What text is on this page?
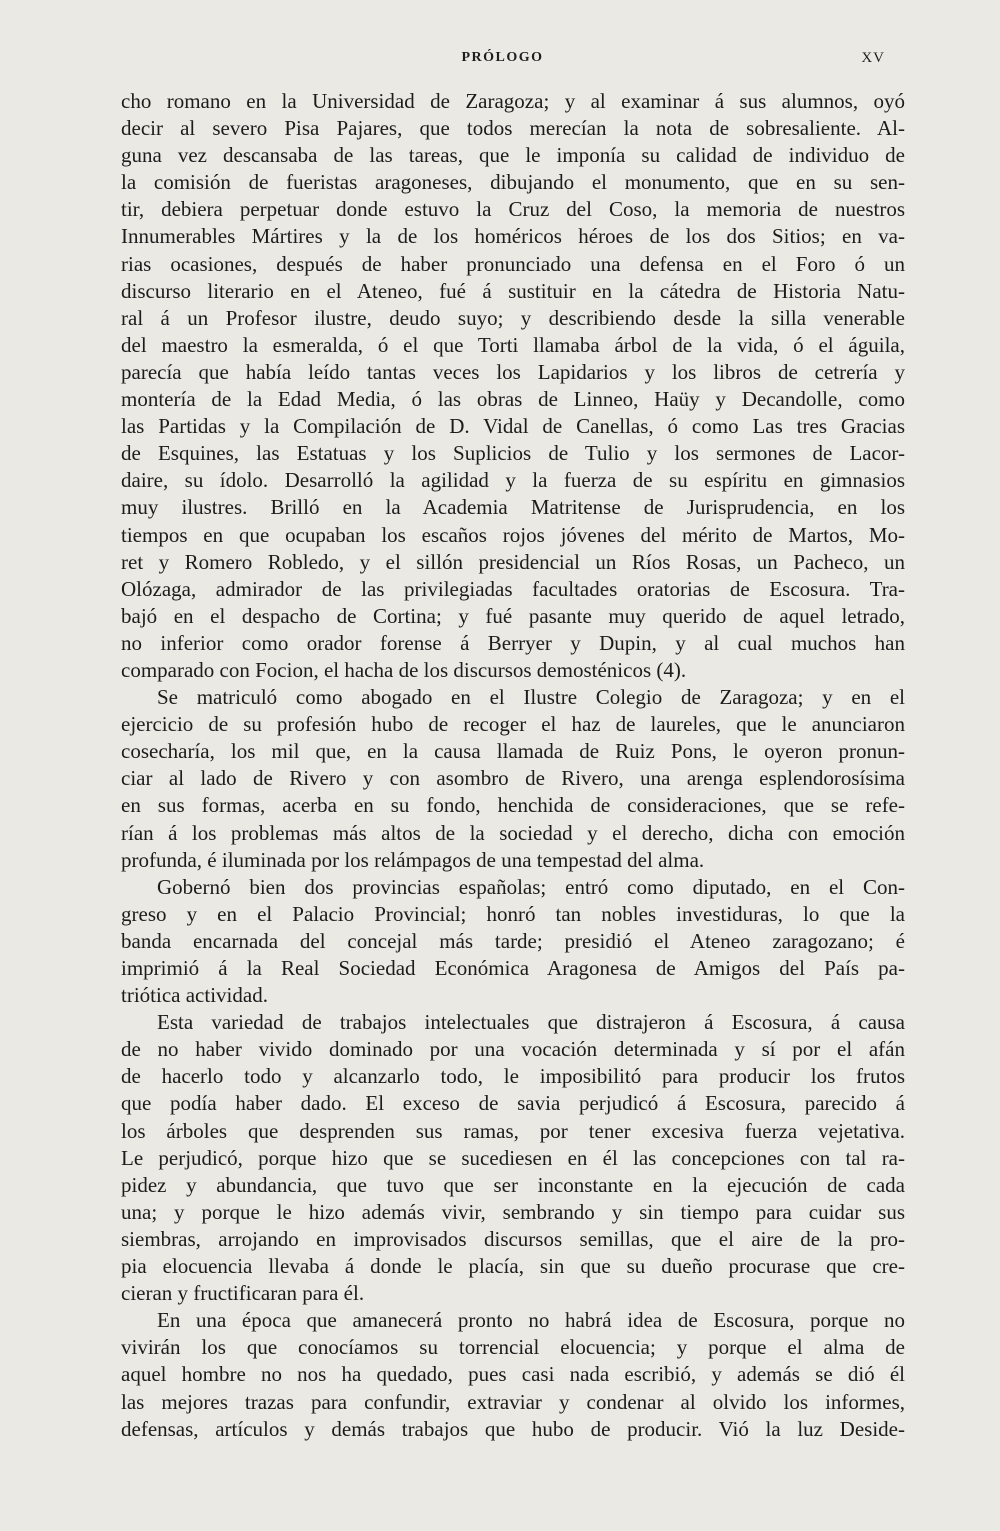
PRÓLOGO	XV
cho romano en la Universidad de Zaragoza; y al examinar á sus alumnos, oyó
decir al severo Pisa Pajares, que todos merecían la nota de sobresaliente. Al-
guna vez descansaba de las tareas, que le imponía su calidad de individuo de
la comisión de fueristas aragoneses, dibujando el monumento, que en su sen-
tir, debiera perpetuar donde estuvo la Cruz del Coso, la memoria de nuestros
Innumerables Mártires y la de los homéricos héroes de los dos Sitios; en va-
rias ocasiones, después de haber pronunciado una defensa en el Foro ó un
discurso literario en el Ateneo, fué á sustituir en la cátedra de Historia Natu-
ral á un Profesor ilustre, deudo suyo; y describiendo desde la silla venerable
del maestro la esmeralda, ó el que Torti llamaba árbol de la vida, ó el águila,
parecía que había leído tantas veces los Lapidarios y los libros de cetrería y
montería de la Edad Media, ó las obras de Linneo, Haüy y Decandolle, como
las Partidas y la Compilación de D. Vidal de Canellas, ó como Las tres Gracias
de Esquines, las Estatuas y los Suplicios de Tulio y los sermones de Lacor-
daire, su ídolo. Desarrolló la agilidad y la fuerza de su espíritu en gimnasios
muy ilustres. Brilló en la Academia Matritense de Jurisprudencia, en los
tiempos en que ocupaban los escaños rojos jóvenes del mérito de Martos, Mo-
ret y Romero Robledo, y el sillón presidencial un Ríos Rosas, un Pacheco, un
Olózaga, admirador de las privilegiadas facultades oratorias de Escosura. Tra-
bajó en el despacho de Cortina; y fué pasante muy querido de aquel letrado,
no inferior como orador forense á Berryer y Dupin, y al cual muchos han
comparado con Focion, el hacha de los discursos demosténicos (4).
Se matriculó como abogado en el Ilustre Colegio de Zaragoza; y en el
ejercicio de su profesión hubo de recoger el haz de laureles, que le anunciaron
cosecharía, los mil que, en la causa llamada de Ruiz Pons, le oyeron pronun-
ciar al lado de Rivero y con asombro de Rivero, una arenga esplendorosísima
en sus formas, acerba en su fondo, henchida de consideraciones, que se refe-
rían á los problemas más altos de la sociedad y el derecho, dicha con emoción
profunda, é iluminada por los relámpagos de una tempestad del alma.
Gobernó bien dos provincias españolas; entró como diputado, en el Con-
greso y en el Palacio Provincial; honró tan nobles investiduras, lo que la
banda encarnada del concejal más tarde; presidió el Ateneo zaragozano; é
imprimió á la Real Sociedad Económica Aragonesa de Amigos del País pa-
triótica actividad.
Esta variedad de trabajos intelectuales que distrajeron á Escosura, á causa
de no haber vivido dominado por una vocación determinada y sí por el afán
de hacerlo todo y alcanzarlo todo, le imposibilitó para producir los frutos
que podía haber dado. El exceso de savia perjudicó á Escosura, parecido á
los árboles que desprenden sus ramas, por tener excesiva fuerza vejetativa.
Le perjudicó, porque hizo que se sucediesen en él las concepciones con tal ra-
pidez y abundancia, que tuvo que ser inconstante en la ejecución de cada
una; y porque le hizo además vivir, sembrando y sin tiempo para cuidar sus
siembras, arrojando en improvisados discursos semillas, que el aire de la pro-
pia elocuencia llevaba á donde le placía, sin que su dueño procurase que cre-
cieran y fructificaran para él.
En una época que amanecerá pronto no habrá idea de Escosura, porque no
vivirán los que conocíamos su torrencial elocuencia; y porque el alma de
aquel hombre no nos ha quedado, pues casi nada escribió, y además se dió él
las mejores trazas para confundir, extraviar y condenar al olvido los informes,
defensas, artículos y demás trabajos que hubo de producir. Vió la luz Deside-
